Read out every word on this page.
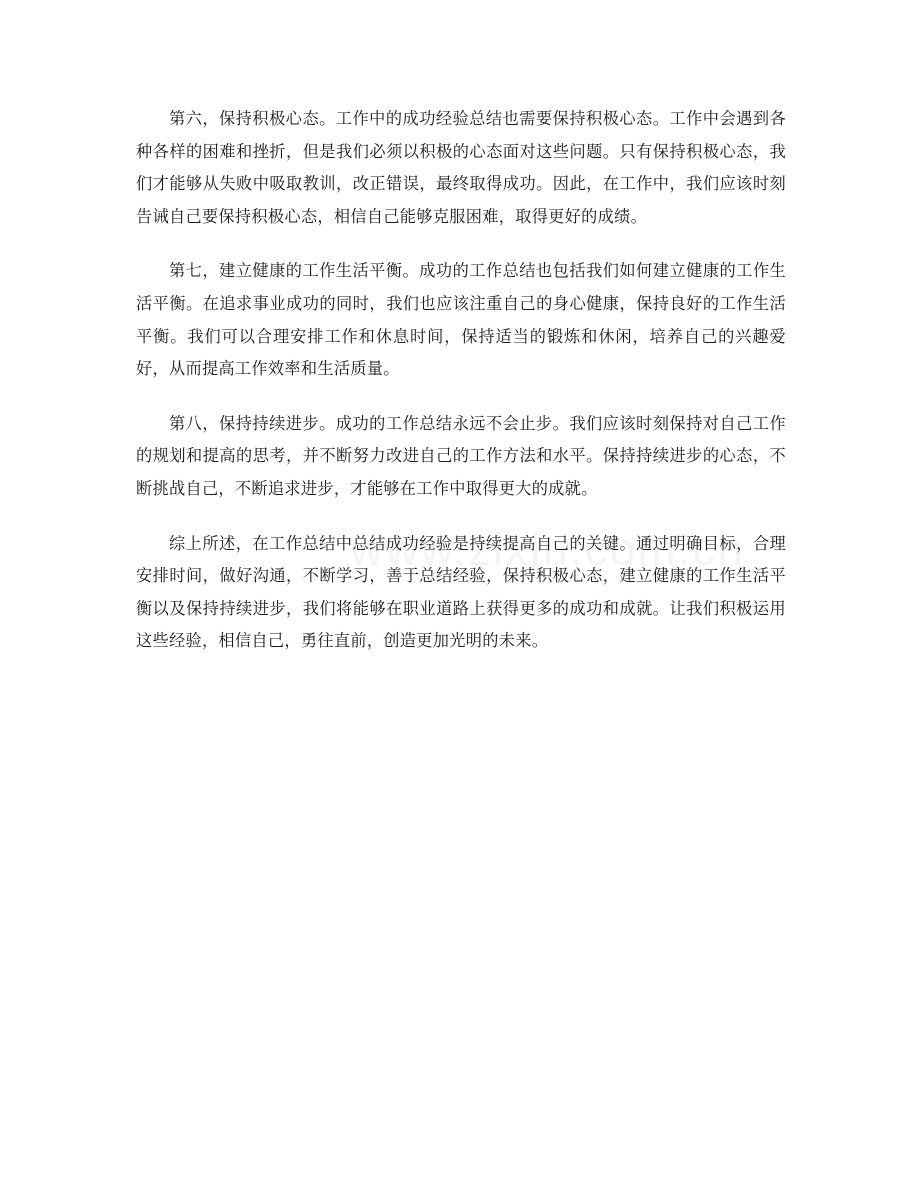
第六，保持积极心态。工作中的成功经验总结也需要保持积极心态。工作中会遇到各种各样的困难和挫折，但是我们必须以积极的心态面对这些问题。只有保持积极心态，我们才能够从失败中吸取教训，改正错误，最终取得成功。因此，在工作中，我们应该时刻告诫自己要保持积极心态，相信自己能够克服困难，取得更好的成绩。

第七，建立健康的工作生活平衡。成功的工作总结也包括我们如何建立健康的工作生活平衡。在追求事业成功的同时，我们也应该注重自己的身心健康，保持良好的工作生活平衡。我们可以合理安排工作和休息时间，保持适当的锻炼和休闲，培养自己的兴趣爱好，从而提高工作效率和生活质量。

第八，保持持续进步。成功的工作总结永远不会止步。我们应该时刻保持对自己工作的规划和提高的思考，并不断努力改进自己的工作方法和水平。保持持续进步的心态，不断挑战自己，不断追求进步，才能够在工作中取得更大的成就。

综上所述，在工作总结中总结成功经验是持续提高自己的关键。通过明确目标，合理安排时间，做好沟通，不断学习，善于总结经验，保持积极心态，建立健康的工作生活平衡以及保持持续进步，我们将能够在职业道路上获得更多的成功和成就。让我们积极运用这些经验，相信自己，勇往直前，创造更加光明的未来。
